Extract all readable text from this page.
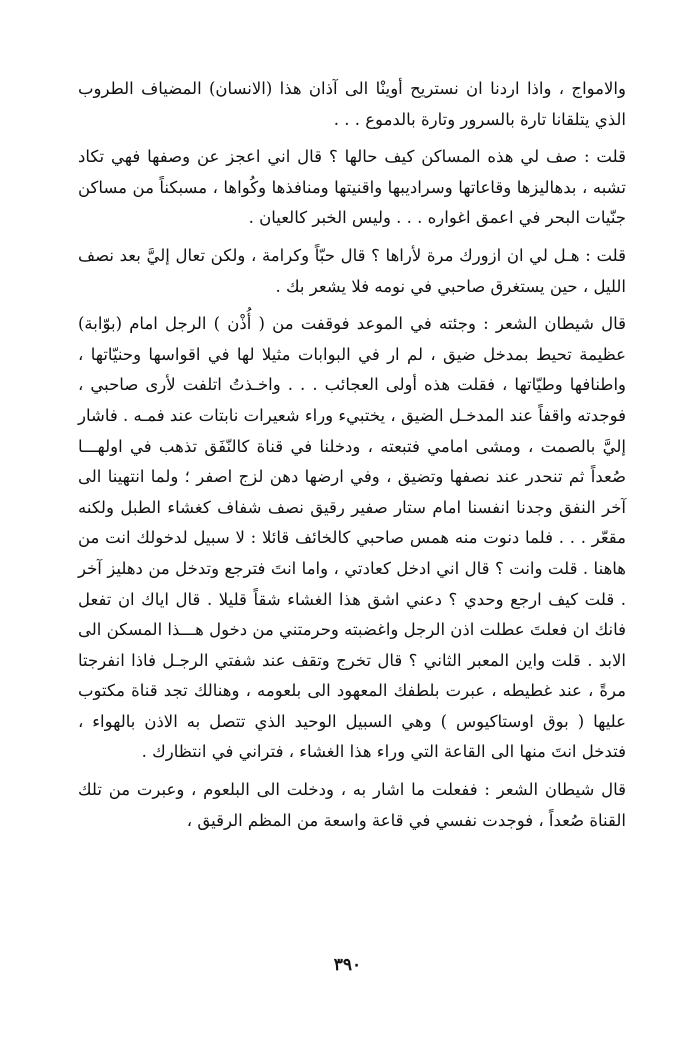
والامواج ، واذا اردنا ان نستريح أوينْا الى آذان هذا (الانسان) المضياف الطروب الذي يتلقانا تارة بالسرور وتارة بالدموع . . .

قلت : صف لي هذه المساكن كيف حالها ؟ قال اني اعجز عن وصفها فهي تكاد تشبه ، بدهاليزها وقاعاتها وسراديبها واقنيتها ومنافذها وكُواها ، مسبكناً من مساكن جنّيات البحر في اعمق اغواره . . . وليس الخبر كالعيان .

قلت : هـل لي ان ازورك مرة لأراها ؟ قال حبّاً وكرامة ، ولكن تعال إليَّ بعد نصف الليل ، حين يستغرق صاحبي في نومه فلا يشعر بك .

قال شيطان الشعر : وجئته في الموعد فوقفت من ( أُذْن ) الرجل امام (بوّابة) عظيمة تحيط بمدخل ضيق ، لم ار في البوابات مثيلا لها في اقواسها وحنيّاتها ، واطنافها وطيّاتها ، فقلت هذه أولى العجائب . . . واخـذتُ اتلفت لأرى صاحبي ، فوجدته واقفاً عند المدخـل الضيق ، يختبيء وراء شعيرات نابتات عند فمـه . فاشار إليَّ بالصمت ، ومشى امامي فتبعته ، ودخلنا في قناة كالنّفَق تذهب في اولهـــا صُعداً ثم تنحدر عند نصفها وتضيق ، وفي ارضها دهن لزج اصفر ؛ ولما انتهينا الى آخر النفق وجدنا انفسنا امام ستار صفير رقيق نصف شفاف كغشاء الطبل ولكنه مقعّر . . . فلما دنوت منه همس صاحبي كالخائف قائلا : لا سبيل لدخولك انت من هاهنا . قلت وانت ؟ قال اني ادخل كعادتي ، واما انتَ فترجع وتدخل من دهليز آخر . قلت كيف ارجع وحدي ؟ دعني اشق هذا الغشاء شقاً قليلا . قال اياك ان تفعل فانك ان فعلتَ عطلت اذن الرجل واغضبته وحرمتني من دخول هـــذا المسكن الى الابد . قلت واين المعبر الثاني ؟ قال تخرج وتقف عند شفتي الرجـل فاذا انفرجتا مرةً ، عند غطيطه ، عبرت بلطفك المعهود الى بلعومه ، وهنالك تجد قناة مكتوب عليها ( بوق اوستاكيوس ) وهي السبيل الوحيد الذي تتصل به الاذن بالهواء ، فتدخل انتَ منها الى القاعة التي وراء هذا الغشاء ، فتراني في انتظارك .

قال شيطان الشعر : ففعلت ما اشار به ، ودخلت الى البلعوم ، وعبرت من تلك القناة صُعداً ، فوجدت نفسي في قاعة واسعة من المظم الرقيق ،

٣٩٠
